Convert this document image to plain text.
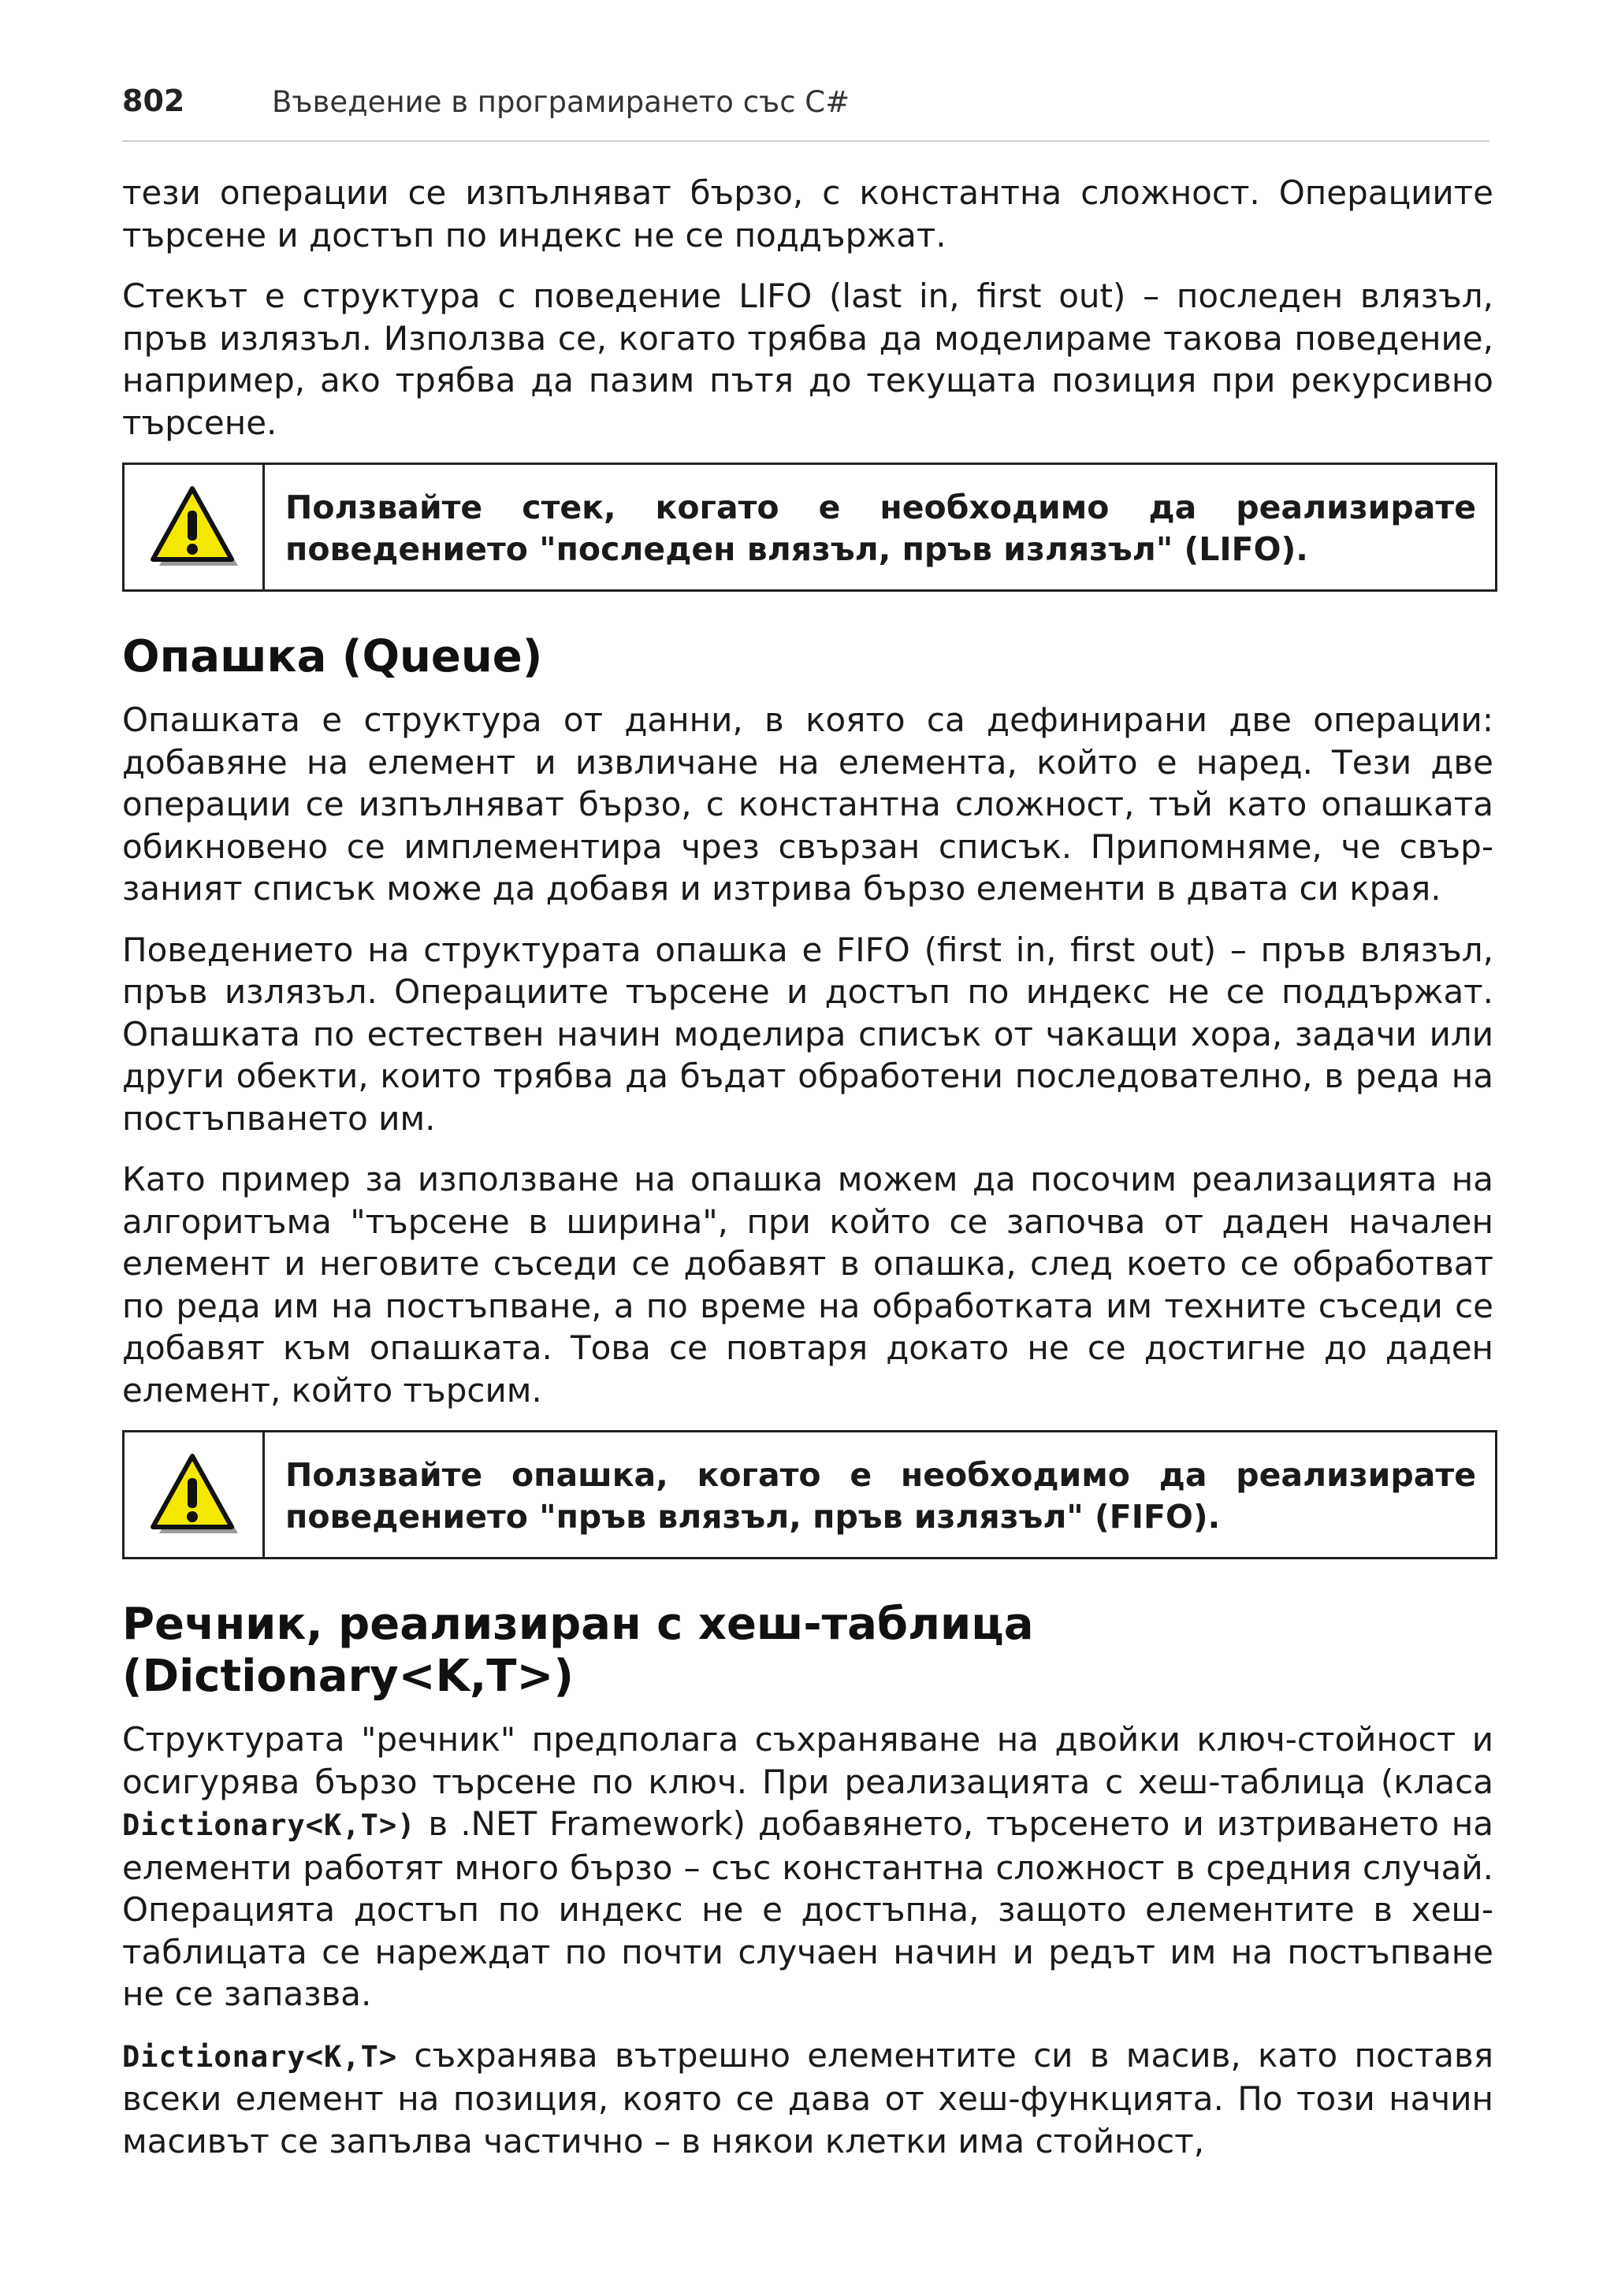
802	Въведение в програмирането със C#

тези операции се изпълняват бързо, с константна сложност. Операциите търсене и достъп по индекс не се поддържат.

Стекът е структура с поведение LIFO (last in, first out) – последен влязъл, пръв излязъл. Използва се, когато трябва да моделираме такова поведение, например, ако трябва да пазим пътя до текущата позиция при рекурсивно търсене.

Ползвайте стек, когато е необходимо да реализирате поведението "последен влязъл, пръв излязъл" (LIFO).
Опашка (Queue)

Опашката е структура от данни, в която са дефинирани две операции: добавяне на елемент и извличане на елемента, който е наред. Тези две операции се изпълняват бързо, с константна сложност, тъй като опашката обикновено се имплементира чрез свързан списък. Припомняме, че свързаният списък може да добавя и изтрива бързо елементи в двата си края.

Поведението на структурата опашка е FIFO (first in, first out) – пръв влязъл, пръв излязъл. Операциите търсене и достъп по индекс не се поддържат. Опашката по естествен начин моделира списък от чакащи хора, задачи или други обекти, които трябва да бъдат обработени последователно, в реда на постъпването им.

Като пример за използване на опашка можем да посочим реализацията на алгоритъма "търсене в ширина", при който се започва от даден начален елемент и неговите съседи се добавят в опашка, след което се обработват по реда им на постъпване, а по време на обработката им техните съседи се добавят към опашката. Това се повтаря докато не се достигне до даден елемент, който търсим.

Ползвайте опашка, когато е необходимо да реализирате поведението "пръв влязъл, пръв излязъл" (FIFO).
Речник, реализиран с хеш-таблица (Dictionary<K,T>)

Структурата "речник" предполага съхраняване на двойки ключ-стойност и осигурява бързо търсене по ключ. При реализацията с хеш-таблица (класа Dictionary<K,T>) в .NET Framework) добавянето, търсенето и изтриването на елементи работят много бързо – със константна сложност в средния случай. Операцията достъп по индекс не е достъпна, защото елементите в хеш-таблицата се нареждат по почти случаен начин и редът им на постъпване не се запазва.

Dictionary<K,T> съхранява вътрешно елементите си в масив, като поставя всеки елемент на позиция, която се дава от хеш-функцията. По този начин масивът се запълва частично – в някои клетки има стойност,
